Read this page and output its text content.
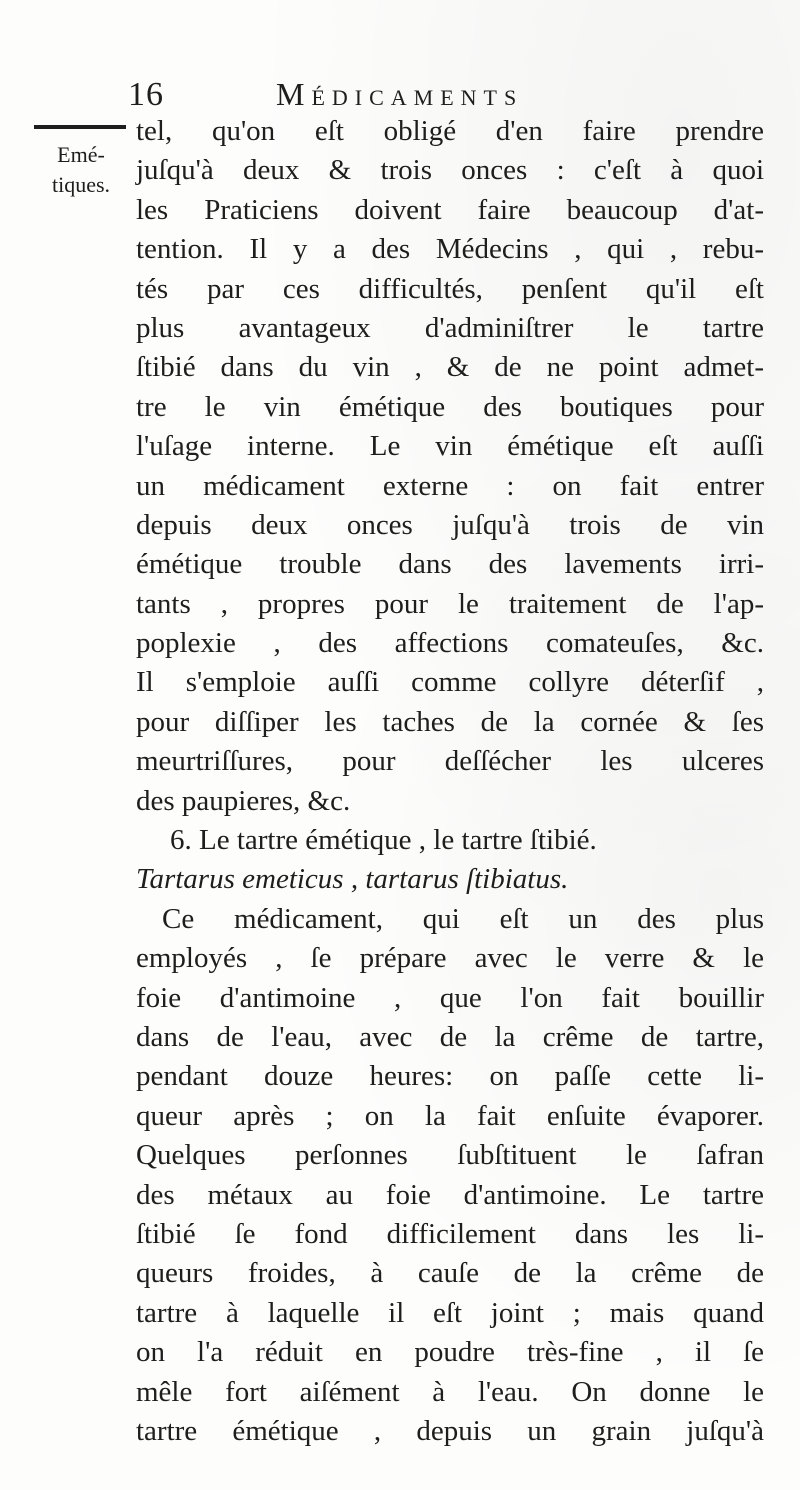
16	Médicaments
Emé-
tiques.
tel, qu'on eſt obligé d'en faire prendre
juſqu'à deux & trois onces : c'eſt à quoi
les Praticiens doivent faire beaucoup d'at-
tention. Il y a des Médecins , qui , rebu-
tés par ces difficultés, penſent qu'il eſt
plus avantageux d'adminiſtrer le tartre
ſtibié dans du vin , & de ne point admet-
tre le vin émétique des boutiques pour
l'uſage interne. Le vin émétique eſt auſſi
un médicament externe : on fait entrer
depuis deux onces juſqu'à trois de vin
émétique trouble dans des lavements irri-
tants , propres pour le traitement de l'ap-
poplexie , des affections comateuſes, &c.
Il s'emploie auſſi comme collyre déterſif ,
pour diſſiper les taches de la cornée & ſes
meurtriſſures, pour deſſécher les ulceres
des paupieres, &c.
6. Le tartre émétique , le tartre ſtibié.
Tartarus emeticus , tartarus ſtibiatus.
Ce médicament, qui eſt un des plus
employés , ſe prépare avec le verre & le
foie d'antimoine , que l'on fait bouillir
dans de l'eau, avec de la crême de tartre,
pendant douze heures: on paſſe cette li-
queur après ; on la fait enſuite évaporer.
Quelques perſonnes ſubſtituent le ſafran
des métaux au foie d'antimoine. Le tartre
ſtibié ſe fond difficilement dans les li-
queurs froides, à cauſe de la crême de
tartre à laquelle il eſt joint ; mais quand
on l'a réduit en poudre très-fine , il ſe
mêle fort aiſément à l'eau. On donne le
tartre émétique , depuis un grain juſqu'à
